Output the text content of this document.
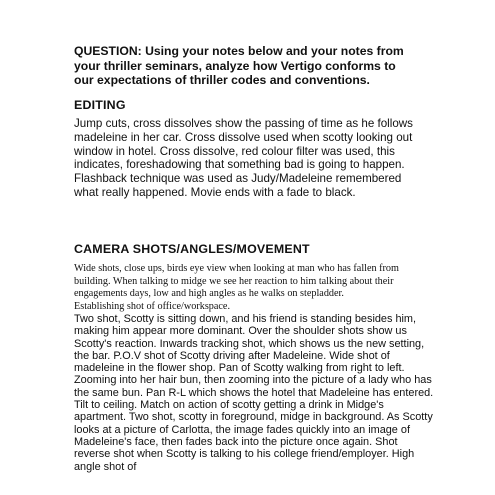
QUESTION: Using your notes below and your notes from your thriller seminars, analyze how Vertigo conforms to our expectations of thriller codes and conventions.
EDITING
Jump cuts, cross dissolves show the passing of time as he follows madeleine in her car. Cross dissolve used when scotty looking out window in hotel. Cross dissolve, red colour filter was used, this indicates, foreshadowing that something bad is going to happen. Flashback technique was used as Judy/Madeleine remembered what really happened. Movie ends with a fade to black.
CAMERA SHOTS/ANGLES/MOVEMENT
Wide shots, close ups, birds eye view when looking at man who has fallen from building. When talking to midge we see her reaction to him talking about their engagements days, low and high angles as he walks on stepladder.
Establishing shot of office/workspace.
Two shot, Scotty is sitting down, and his friend is standing besides him, making him appear more dominant. Over the shoulder shots show us Scotty's reaction. Inwards tracking shot, which shows us the new setting, the bar. P.O.V shot of Scotty driving after Madeleine. Wide shot of madeleine in the flower shop. Pan of Scotty walking from right to left. Zooming into her hair bun, then zooming into the picture of a lady who has the same bun. Pan R-L which shows the hotel that Madeleine has entered. Tilt to ceiling. Match on action of scotty getting a drink in Midge's apartment. Two shot, scotty in foreground, midge in background. As Scotty looks at a picture of Carlotta, the image fades quickly into an image of Madeleine's face, then fades back into the picture once again. Shot reverse shot when Scotty is talking to his college friend/employer. High angle shot of
